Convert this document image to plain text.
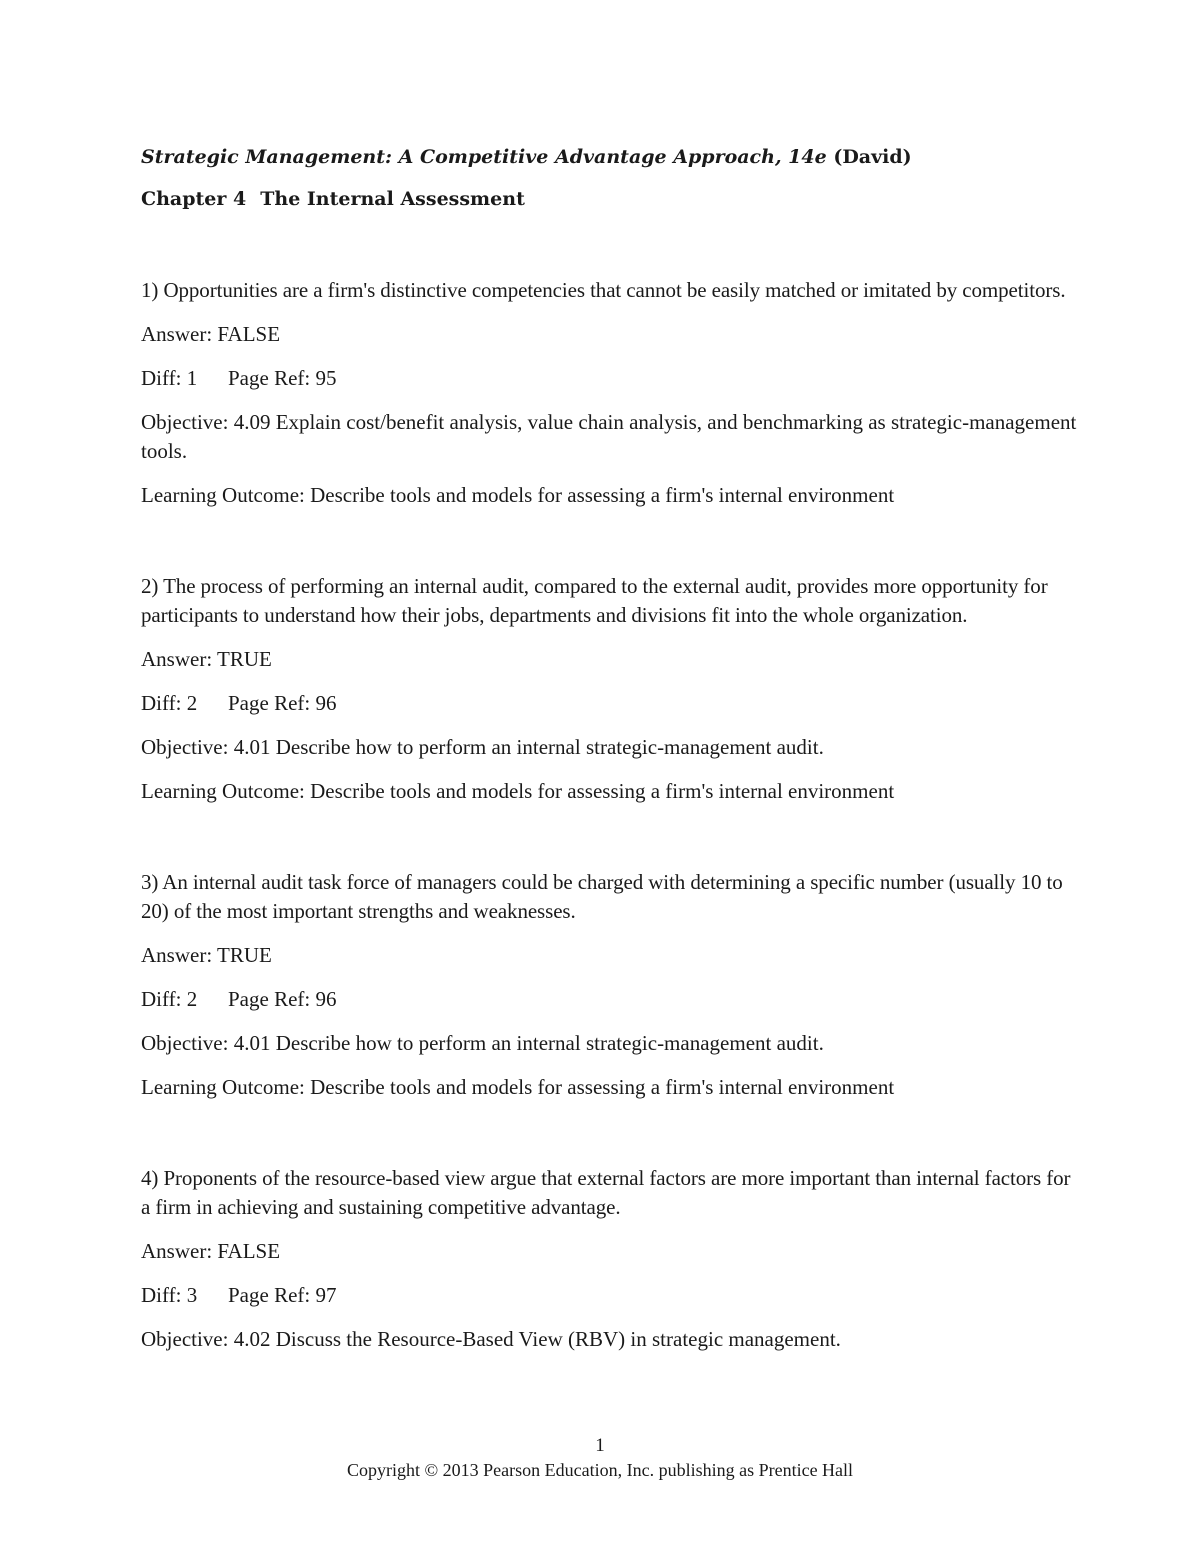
Strategic Management: A Competitive Advantage Approach, 14e (David)

Chapter 4 The Internal Assessment

1) Opportunities are a firm's distinctive competencies that cannot be easily matched or imitated by competitors.

Answer: FALSE

Diff: 1 Page Ref: 95

Objective: 4.09 Explain cost/benefit analysis, value chain analysis, and benchmarking as strategic-management tools.

Learning Outcome: Describe tools and models for assessing a firm's internal environment

2) The process of performing an internal audit, compared to the external audit, provides more opportunity for participants to understand how their jobs, departments and divisions fit into the whole organization.

Answer: TRUE

Diff: 2 Page Ref: 96

Objective: 4.01 Describe how to perform an internal strategic-management audit.

Learning Outcome: Describe tools and models for assessing a firm's internal environment

3) An internal audit task force of managers could be charged with determining a specific number (usually 10 to 20) of the most important strengths and weaknesses.

Answer: TRUE

Diff: 2 Page Ref: 96

Objective: 4.01 Describe how to perform an internal strategic-management audit.

Learning Outcome: Describe tools and models for assessing a firm's internal environment

4) Proponents of the resource-based view argue that external factors are more important than internal factors for a firm in achieving and sustaining competitive advantage.

Answer: FALSE

Diff: 3 Page Ref: 97

Objective: 4.02 Discuss the Resource-Based View (RBV) in strategic management.

1
Copyright © 2013 Pearson Education, Inc. publishing as Prentice Hall
